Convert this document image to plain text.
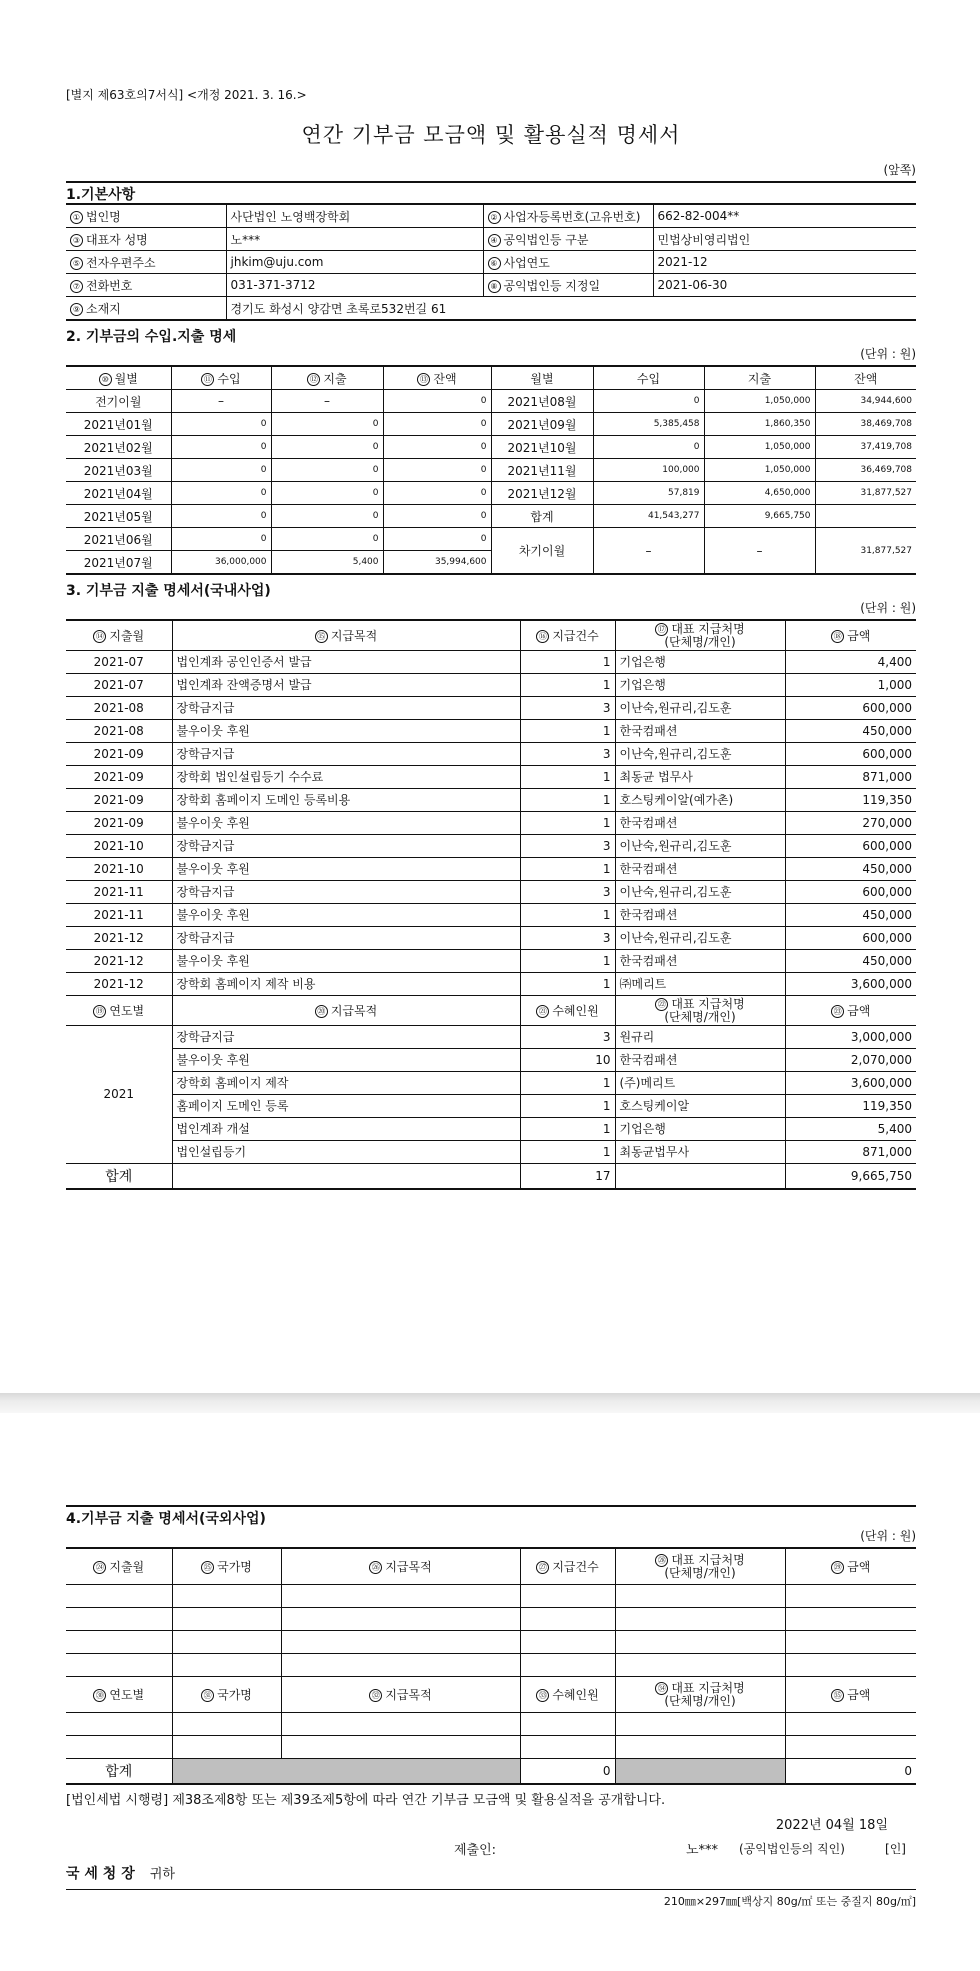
[별지 제63호의7서식] <개정 2021. 3. 16.>
연간 기부금 모금액 및 활용실적 명세서
(앞쪽)
1.기본사항
① 법인명	사단법인 노영백장학회	② 사업자등록번호(고유번호)	662-82-004**
③ 대표자 성명	노***	④ 공익법인등 구분	민법상비영리법인
⑤ 전자우편주소	jhkim@uju.com	⑥ 사업연도	2021-12
⑦ 전화번호	031-371-3712	⑧ 공익법인등 지정일	2021-06-30
⑨ 소재지	경기도 화성시 양감면 초록로532번길 61		
2. 기부금의 수입.지출 명세
(단위 : 원)
⑩ 월별	⑪ 수입	⑫ 지출	⑬ 잔액	월별	수입	지출	잔액
전기이월	–	–	0	2021년08월	0	1,050,000	34,944,600
2021년01월	0	0	0	2021년09월	5,385,458	1,860,350	38,469,708
2021년02월	0	0	0	2021년10월	0	1,050,000	37,419,708
2021년03월	0	0	0	2021년11월	100,000	1,050,000	36,469,708
2021년04월	0	0	0	2021년12월	57,819	4,650,000	31,877,527
2021년05월	0	0	0	합계	41,543,277	9,665,750	
2021년06월	0	0	0	차기이월	–	–	31,877,527
2021년07월	36,000,000	5,400	35,994,600				
3. 기부금 지출 명세서(국내사업)
(단위 : 원)
⑭ 지출월	⑮ 지급목적	⑯ 지급건수	⑰ 대표 지급처명
(단체명/개인)	⑱ 금액
2021-07	법인계좌 공인인증서 발급	1	기업은행	4,400
2021-07	법인계좌 잔액증명서 발급	1	기업은행	1,000
2021-08	장학금지급	3	이난숙,원규리,김도훈	600,000
2021-08	불우이웃 후원	1	한국컴패션	450,000
2021-09	장학금지급	3	이난숙,원규리,김도훈	600,000
2021-09	장학회 법인설립등기 수수료	1	최동균 법무사	871,000
2021-09	장학회 홈페이지 도메인 등록비용	1	호스팅케이알(예가촌)	119,350
2021-09	불우이웃 후원	1	한국컴패션	270,000
2021-10	장학금지급	3	이난숙,원규리,김도훈	600,000
2021-10	불우이웃 후원	1	한국컴패션	450,000
2021-11	장학금지급	3	이난숙,원규리,김도훈	600,000
2021-11	불우이웃 후원	1	한국컴패션	450,000
2021-12	장학금지급	3	이난숙,원규리,김도훈	600,000
2021-12	불우이웃 후원	1	한국컴패션	450,000
2021-12	장학회 홈페이지 제작 비용	1	㈜메리트	3,600,000
⑲ 연도별	⑳ 지급목적	㉑ 수혜인원	㉒ 대표 지급처명
(단체명/개인)	㉓ 금액
2021	장학금지급	3	원규리	3,000,000
	불우이웃 후원	10	한국컴패션	2,070,000
	장학회 홈페이지 제작	1	(주)메리트	3,600,000
	홈페이지 도메인 등록	1	호스팅케이알	119,350
	법인계좌 개설	1	기업은행	5,400
	법인설립등기	1	최동균법무사	871,000
합계		17		9,665,750
4.기부금 지출 명세서(국외사업)
(단위 : 원)
㉔ 지출월	㉕ 국가명	㉖ 지급목적	㉗ 지급건수	㉘ 대표 지급처명
(단체명/개인)	㉙ 금액

㉚ 연도별	㉛ 국가명	㉜ 지급목적	㉝ 수혜인원	㉞ 대표 지급처명
(단체명/개인)	㉟ 금액

합계			0		0
[법인세법 시행령] 제38조제8항 또는 제39조제5항에 따라 연간 기부금 모금액 및 활용실적을 공개합니다.
2022년 04월 18일
제출인:	노*** (공익법인등의 직인)	[인]
국 세 청 장 귀하
210㎜×297㎜[백상지 80g/㎡ 또는 중질지 80g/㎡]
